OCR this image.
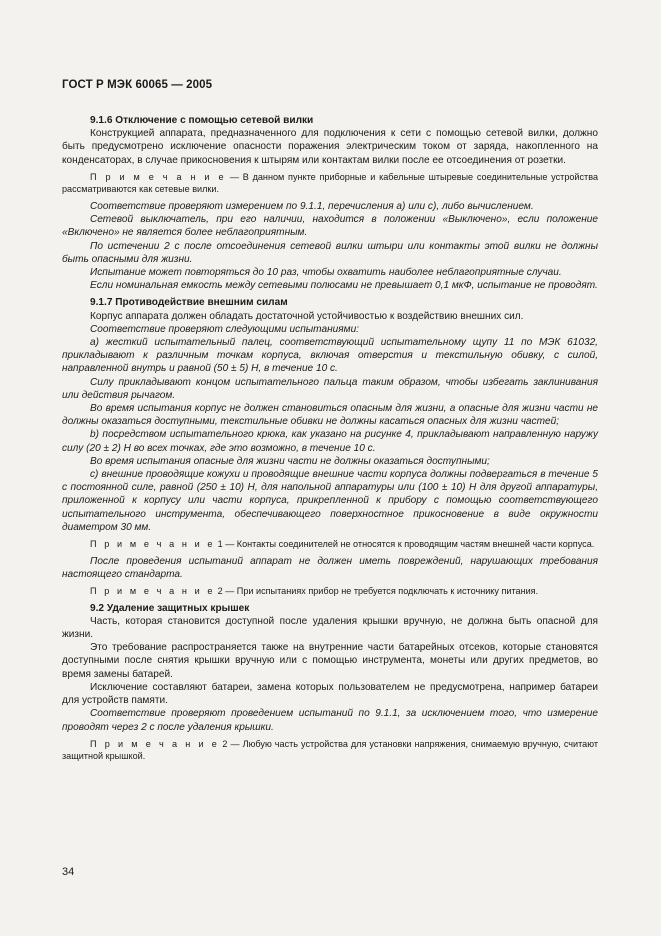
ГОСТ Р МЭК 60065 — 2005

9.1.6 Отключение с помощью сетевой вилки

Конструкцией аппарата, предназначенного для подключения к сети с помощью сетевой вилки, должно быть предусмотрено исключение опасности поражения электрическим током от заряда, накопленного на конденсаторах, в случае прикосновения к штырям или контактам вилки после ее отсоединения от розетки.

П р и м е ч а н и е — В данном пункте приборные и кабельные штыревые соединительные устройства рассматриваются как сетевые вилки.

Соответствие проверяют измерением по 9.1.1, перечисления а) или с), либо вычислением.

Сетевой выключатель, при его наличии, находится в положении «Выключено», если положение «Включено» не является более неблагоприятным.

По истечении 2 с после отсоединения сетевой вилки штыри или контакты этой вилки не должны быть опасными для жизни.

Испытание может повторяться до 10 раз, чтобы охватить наиболее неблагоприятные случаи.

Если номинальная емкость между сетевыми полюсами не превышает 0,1 мкФ, испытание не проводят.

9.1.7 Противодействие внешним силам

Корпус аппарата должен обладать достаточной устойчивостью к воздействию внешних сил.

Соответствие проверяют следующими испытаниями:

а) жесткий испытательный палец, соответствующий испытательному щупу 11 по МЭК 61032, прикладывают к различным точкам корпуса, включая отверстия и текстильную обивку, с силой, направленной внутрь и равной (50 ± 5) Н, в течение 10 с.

Силу прикладывают концом испытательного пальца таким образом, чтобы избегать заклинивания или действия рычагом.

Во время испытания корпус не должен становиться опасным для жизни, а опасные для жизни части не должны оказаться доступными, текстильные обивки не должны касаться опасных для жизни частей;

b) посредством испытательного крюка, как указано на рисунке 4, прикладывают направленную наружу силу (20 ± 2) Н во всех точках, где это возможно, в течение 10 с.

Во время испытания опасные для жизни части не должны оказаться доступными;

с) внешние проводящие кожухи и проводящие внешние части корпуса должны подвергаться в течение 5 с постоянной силе, равной (250 ± 10) Н, для напольной аппаратуры или (100 ± 10) Н для другой аппаратуры, приложенной к корпусу или части корпуса, прикрепленной к прибору с помощью соответствующего испытательного инструмента, обеспечивающего поверхностное прикосновение в виде окружности диаметром 30 мм.

П р и м е ч а н и е 1 — Контакты соединителей не относятся к проводящим частям внешней части корпуса.

После проведения испытаний аппарат не должен иметь повреждений, нарушающих требования настоящего стандарта.

П р и м е ч а н и е 2 — При испытаниях прибор не требуется подключать к источнику питания.

9.2 Удаление защитных крышек

Часть, которая становится доступной после удаления крышки вручную, не должна быть опасной для жизни.

Это требование распространяется также на внутренние части батарейных отсеков, которые становятся доступными после снятия крышки вручную или с помощью инструмента, монеты или других предметов, во время замены батарей.

Исключение составляют батареи, замена которых пользователем не предусмотрена, например батареи для устройств памяти.

Соответствие проверяют проведением испытаний по 9.1.1, за исключением того, что измерение проводят через 2 с после удаления крышки.

П р и м е ч а н и е 2 — Любую часть устройства для установки напряжения, снимаемую вручную, считают защитной крышкой.

34
